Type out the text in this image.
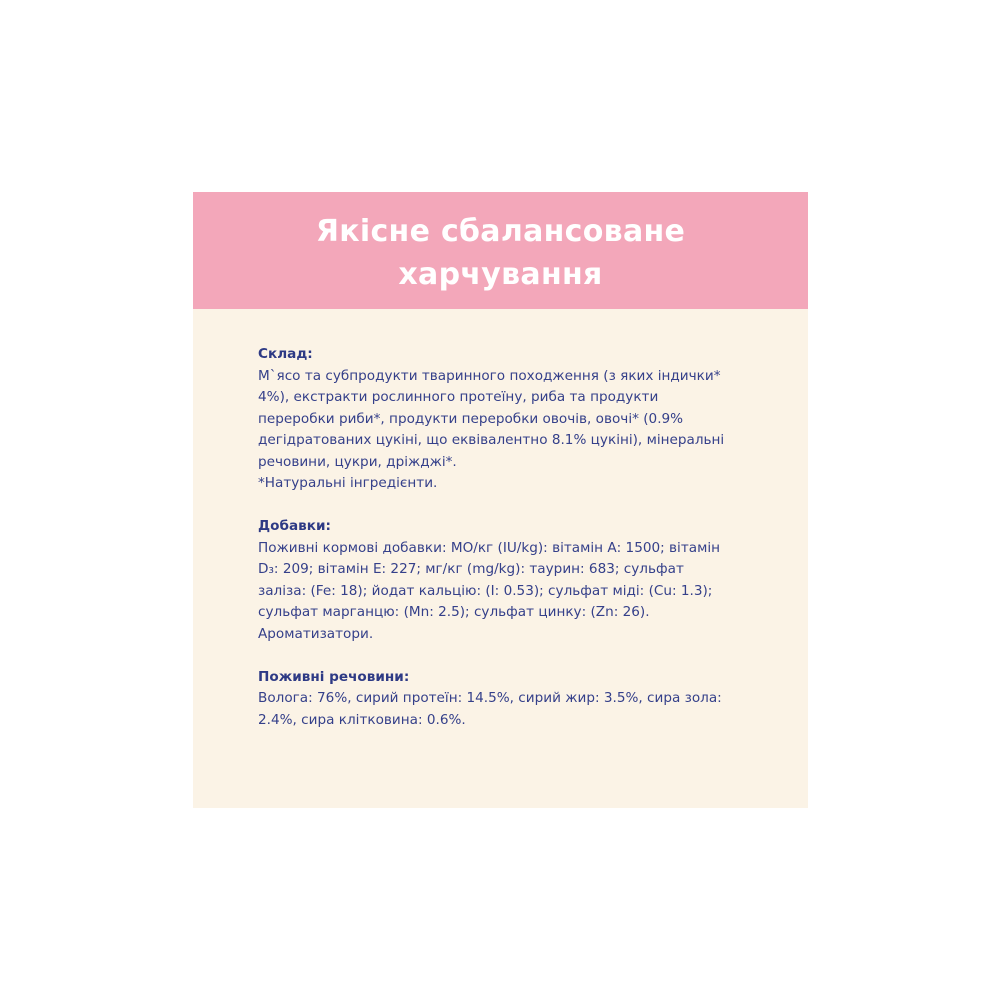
Якісне сбалансоване
харчування
Склад:
М`ясо та субпродукти тваринного походження (з яких індички*
4%), екстракти рослинного протеїну, риба та продукти
переробки риби*, продукти переробки овочів, овочі* (0.9%
дегідратованих цукіні, що еквівалентно 8.1% цукіні), мінеральні
речовини, цукри, дріжджі*.
*Натуральні інгредієнти.
Добавки:
Поживні кормові добавки: МО/кг (IU/kg): вітамін А: 1500; вітамін
D₃: 209; вітамін Е: 227; мг/кг (mg/kg): таурин: 683; сульфат
заліза: (Fe: 18); йодат кальцію: (I: 0.53); сульфат міді: (Cu: 1.3);
сульфат марганцю: (Mn: 2.5); сульфат цинку: (Zn: 26).
Ароматизатори.
Поживні речовини:
Волога: 76%, сирий протеїн: 14.5%, сирий жир: 3.5%, сира зола:
2.4%, сира клітковина: 0.6%.
